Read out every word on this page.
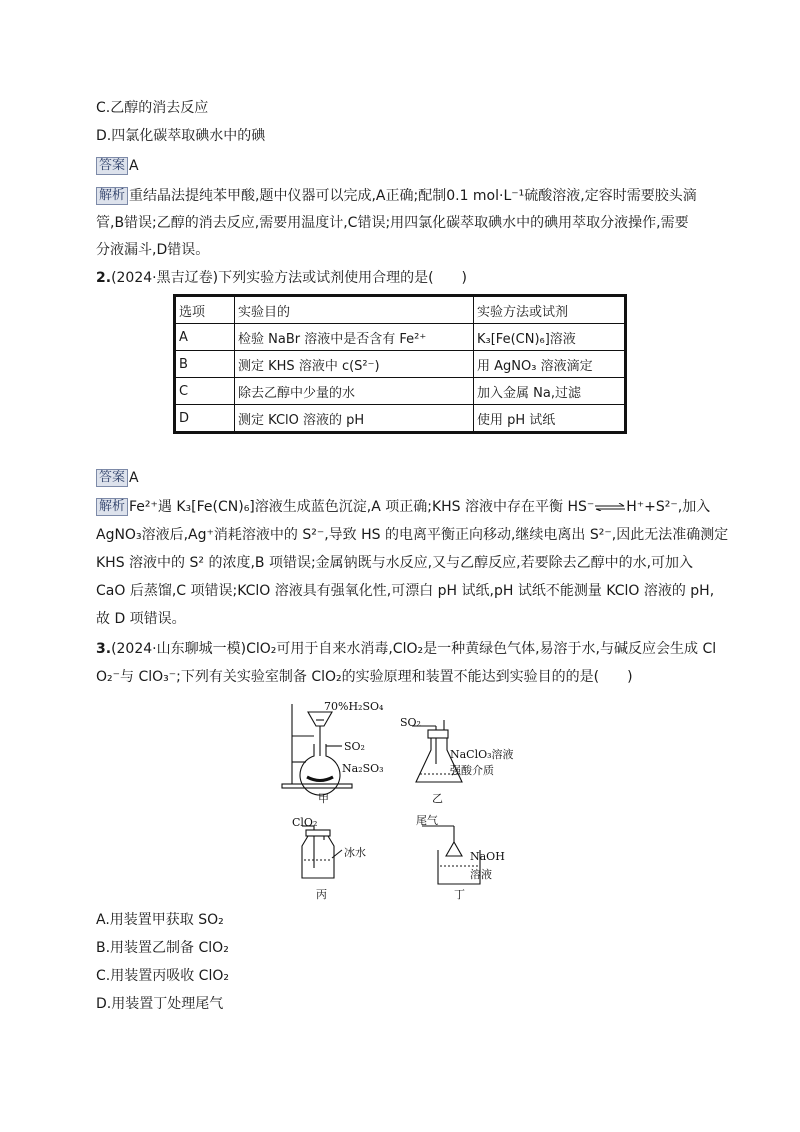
C.乙醇的消去反应
D.四氯化碳萃取碘水中的碘
答案 A
解析 重结晶法提纯苯甲酸,题中仪器可以完成,A正确;配制0.1 mol·L⁻¹硫酸溶液,定容时需要胶头滴
管,B错误;乙醇的消去反应,需要用温度计,C错误;用四氯化碳萃取碘水中的碘用萃取分液操作,需要
分液漏斗,D错误。
2.(2024·黑吉辽卷)下列实验方法或试剂使用合理的是(　　)
选项	实验目的	实验方法或试剂
A	检验 NaBr 溶液中是否含有 Fe²⁺	K₃[Fe(CN)₆]溶液
B	测定 KHS 溶液中 c(S²⁻)	用 AgNO₃ 溶液滴定
C	除去乙醇中少量的水	加入金属 Na,过滤
D	测定 KClO 溶液的 pH	使用 pH 试纸
答案 A
解析 Fe²⁺遇 K₃[Fe(CN)₆]溶液生成蓝色沉淀,A 项正确;KHS 溶液中存在平衡 HS⁻⇌H⁺+S²⁻,加入
AgNO₃溶液后,Ag⁺消耗溶液中的 S²⁻,导致 HS 的电离平衡正向移动,继续电离出 S²⁻,因此无法准确测定
KHS 溶液中的 S² 的浓度,B 项错误;金属钠既与水反应,又与乙醇反应,若要除去乙醇中的水,可加入
CaO 后蒸馏,C 项错误;KClO 溶液具有强氧化性,可漂白 pH 试纸,pH 试纸不能测量 KClO 溶液的 pH,
故 D 项错误。
3.(2024·山东聊城一模)ClO₂可用于自来水消毒,ClO₂是一种黄绿色气体,易溶于水,与碱反应会生成 Cl
O₂⁻与 ClO₃⁻;下列有关实验室制备 ClO₂的实验原理和装置不能达到实验目的的是(　　)
70%H₂SO₄
SO₂
Na₂SO₃
甲
SO₂
NaClO₃溶液
强酸介质
乙
ClO₂
冰水
丙
尾气
NaOH
溶液
丁
A.用装置甲获取 SO₂
B.用装置乙制备 ClO₂
C.用装置丙吸收 ClO₂
D.用装置丁处理尾气
